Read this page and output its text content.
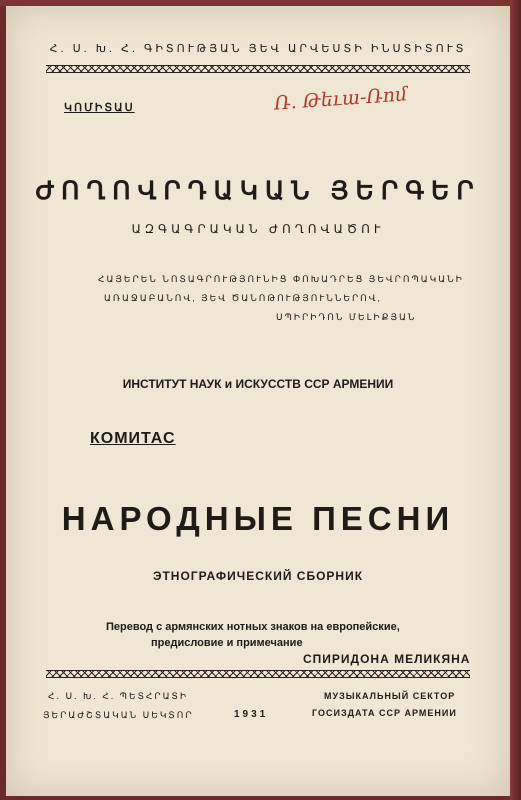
Հ. Ս. Խ. Հ. ԳԻՏՈՒԹՅԱՆ ՅԵՎ ԱՐՎԵՍՏԻ ԻՆՍՏԻՏՈՒՏ
ԿՈՄԻՏԱՍ	Ռ. Թեւա-Ռոմ
ԺՈՂՈՎՐԴԱԿԱՆ ՅԵՐԳԵՐ
ԱԶԳԱԳՐԱԿԱՆ ԺՈՂՈՎԱԾՈՒ
ՀԱՅԵՐԵՆ ՆՈՏԱԳՐՈՒԹՅՈՒՆԻՑ ՓՈԽԱԴՐԵՑ ՅԵՎՐՈՊԱԿԱՆԻ
ԱՌԱՋԱԲԱՆՈՎ, ՅԵՎ ԾԱՆՈԹՈՒԹՅՈՒՆՆԵՐՈՎ,
ՍՊԻՐԻԴՈՆ ՄԵԼԻՔՅԱՆ
ИНСТИТУТ НАУК и ИСКУССТВ ССР АРМЕНИИ
КОМИТАС
НАРОДНЫЕ ПЕСНИ
ЭТНОГРАФИЧЕСКИЙ СБОРНИК
Перевод с армянских нотных знаков на европейские,
предисловие и примечание
СПИРИДОНА МЕЛИКЯНА
Հ. Ս. Խ. Հ. ՊԵՏՀՐԱՏԻ
ՅԵՐԱԺՇՏԱԿԱՆ ՍԵԿՏՈՐ	1931
МУЗЫКАЛЬНЫЙ СЕКТОР
ГОСИЗДАТА ССР АРМЕНИИ
